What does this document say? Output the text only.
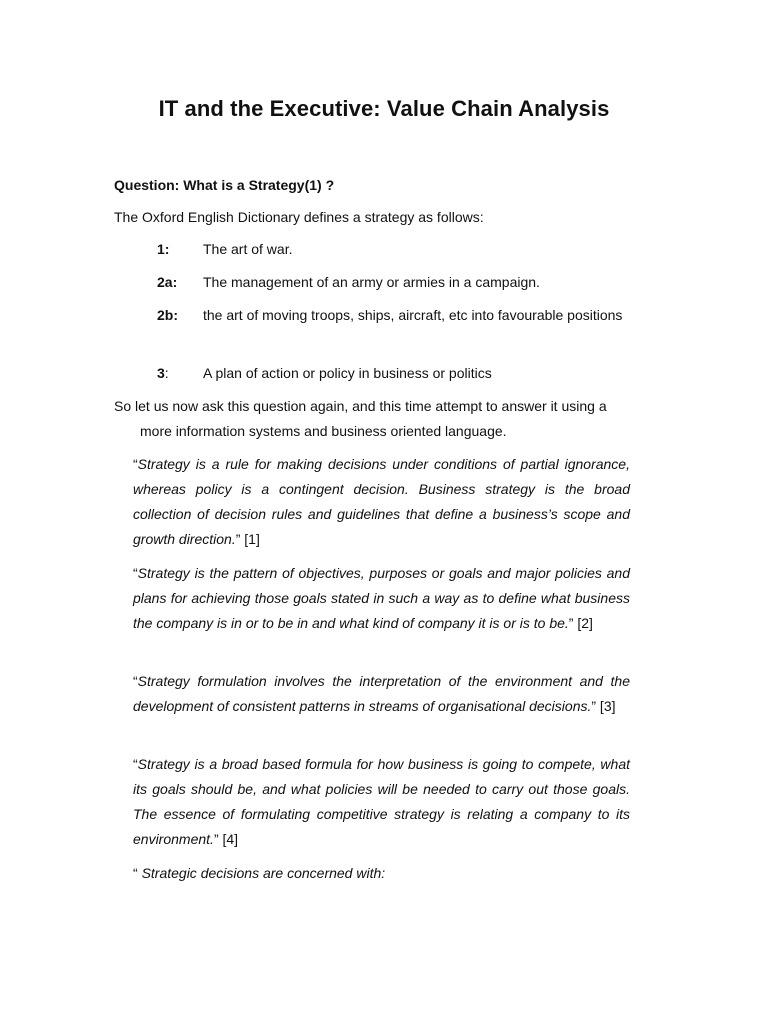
IT and the Executive: Value Chain Analysis
Question: What is a Strategy(1) ?
The Oxford English Dictionary defines a strategy as follows:
1: The art of war.
2a: The management of an army or armies in a campaign.
2b: the art of moving troops, ships, aircraft, etc into favourable positions
3: A plan of action or policy in business or politics
So let us now ask this question again, and this time attempt to answer it using a
more information systems and business oriented language.
“Strategy is a rule for making decisions under conditions of partial ignorance, whereas policy is a contingent decision. Business strategy is the broad collection of decision rules and guidelines that define a business’s scope and growth direction.” [1]
“Strategy is the pattern of objectives, purposes or goals and major policies and plans for achieving those goals stated in such a way as to define what business the company is in or to be in and what kind of company it is or is to be.” [2]
“Strategy formulation involves the interpretation of the environment and the development of consistent patterns in streams of organisational decisions.” [3]
“Strategy is a broad based formula for how business is going to compete, what its goals should be, and what policies will be needed to carry out those goals. The essence of formulating competitive strategy is relating a company to its environment.” [4]
“ Strategic decisions are concerned with:
